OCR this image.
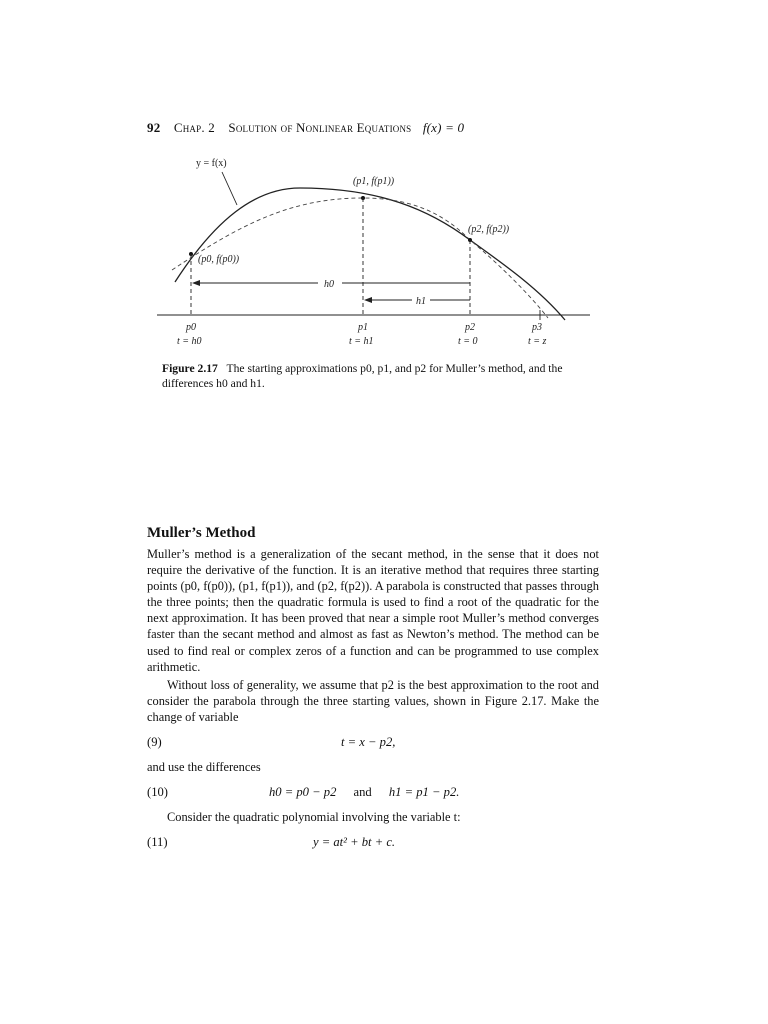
92 Chap. 2 Solution of Nonlinear Equations f(x) = 0
y = f(x)
(p1, f(p1))
(p2, f(p2))
(p0, f(p0))
h0
h1
p0	p1	p2	p3
t = h0	t = h1	t = 0	t = z
Figure 2.17 The starting approximations p0, p1, and p2 for Muller’s method, and the differences h0 and h1.
Muller’s Method
Muller’s method is a generalization of the secant method, in the sense that it does not require the derivative of the function. It is an iterative method that requires three starting points (p0, f(p0)), (p1, f(p1)), and (p2, f(p2)). A parabola is constructed that passes through the three points; then the quadratic formula is used to find a root of the quadratic for the next approximation. It has been proved that near a simple root Muller’s method converges faster than the secant method and almost as fast as Newton’s method. The method can be used to find real or complex zeros of a function and can be programmed to use complex arithmetic.
Without loss of generality, we assume that p2 is the best approximation to the root and consider the parabola through the three starting values, shown in Figure 2.17. Make the change of variable
(9)	t = x − p2,
and use the differences
(10)	h0 = p0 − p2 and h1 = p1 − p2.
Consider the quadratic polynomial involving the variable t:
(11)	y = at² + bt + c.
